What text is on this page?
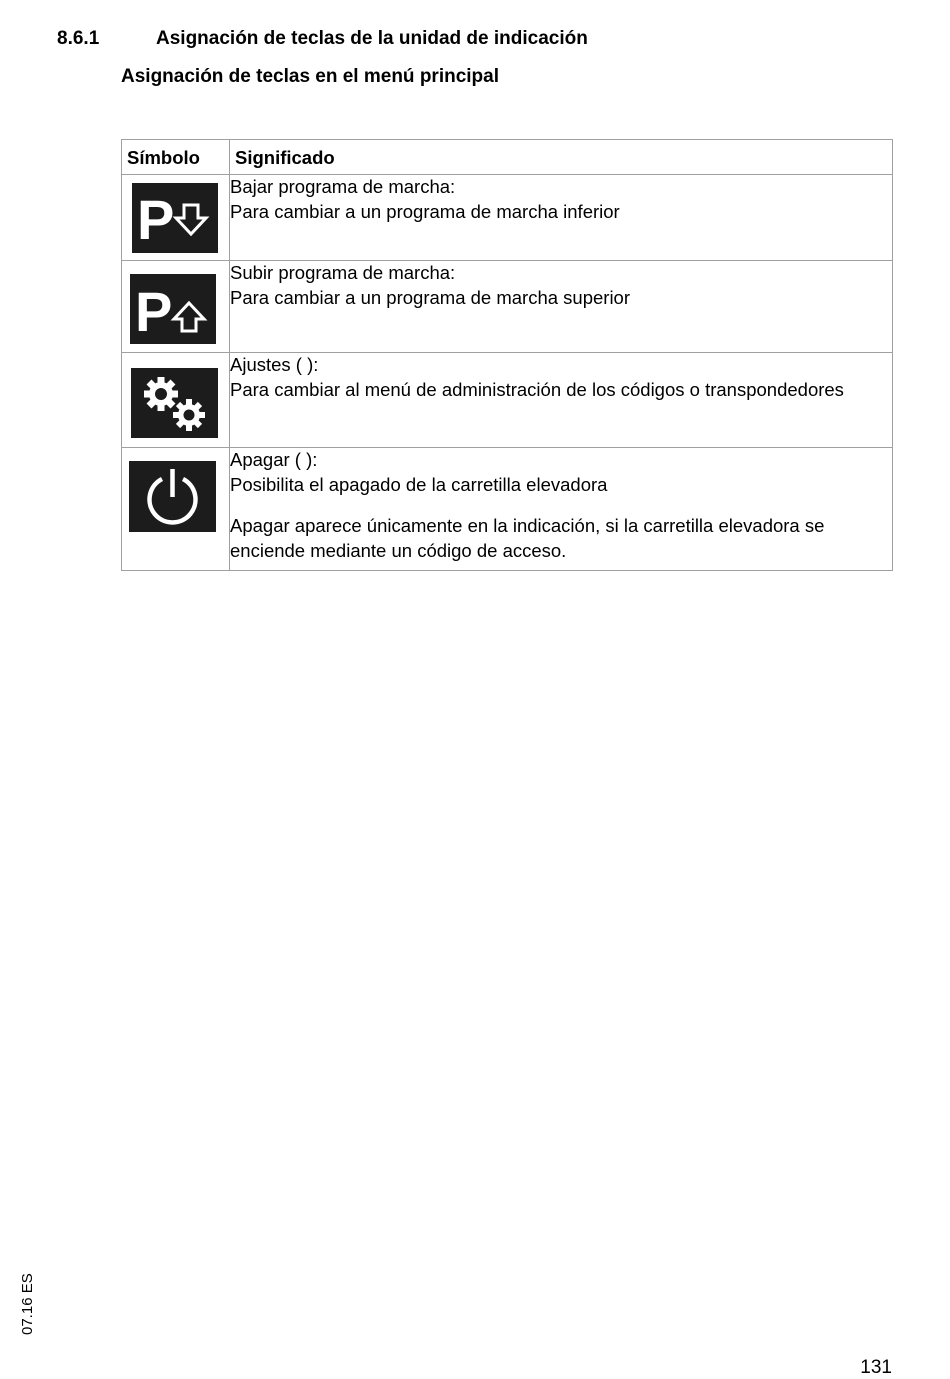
8.6.1	Asignación de teclas de la unidad de indicación
Asignación de teclas en el menú principal
Símbolo	Significado

P	Bajar programa de marcha:
Para cambiar a un programa de marcha inferior

P	Subir programa de marcha:
Para cambiar a un programa de marcha superior

Ajustes ( ):
Para cambiar al menú de administración de los códigos o transpondedores

Apagar ( ):
Posibilita el apagado de la carretilla elevadora
Apagar aparece únicamente en la indicación, si la carretilla elevadora se enciende mediante un código de acceso.
07.16 ES
131
